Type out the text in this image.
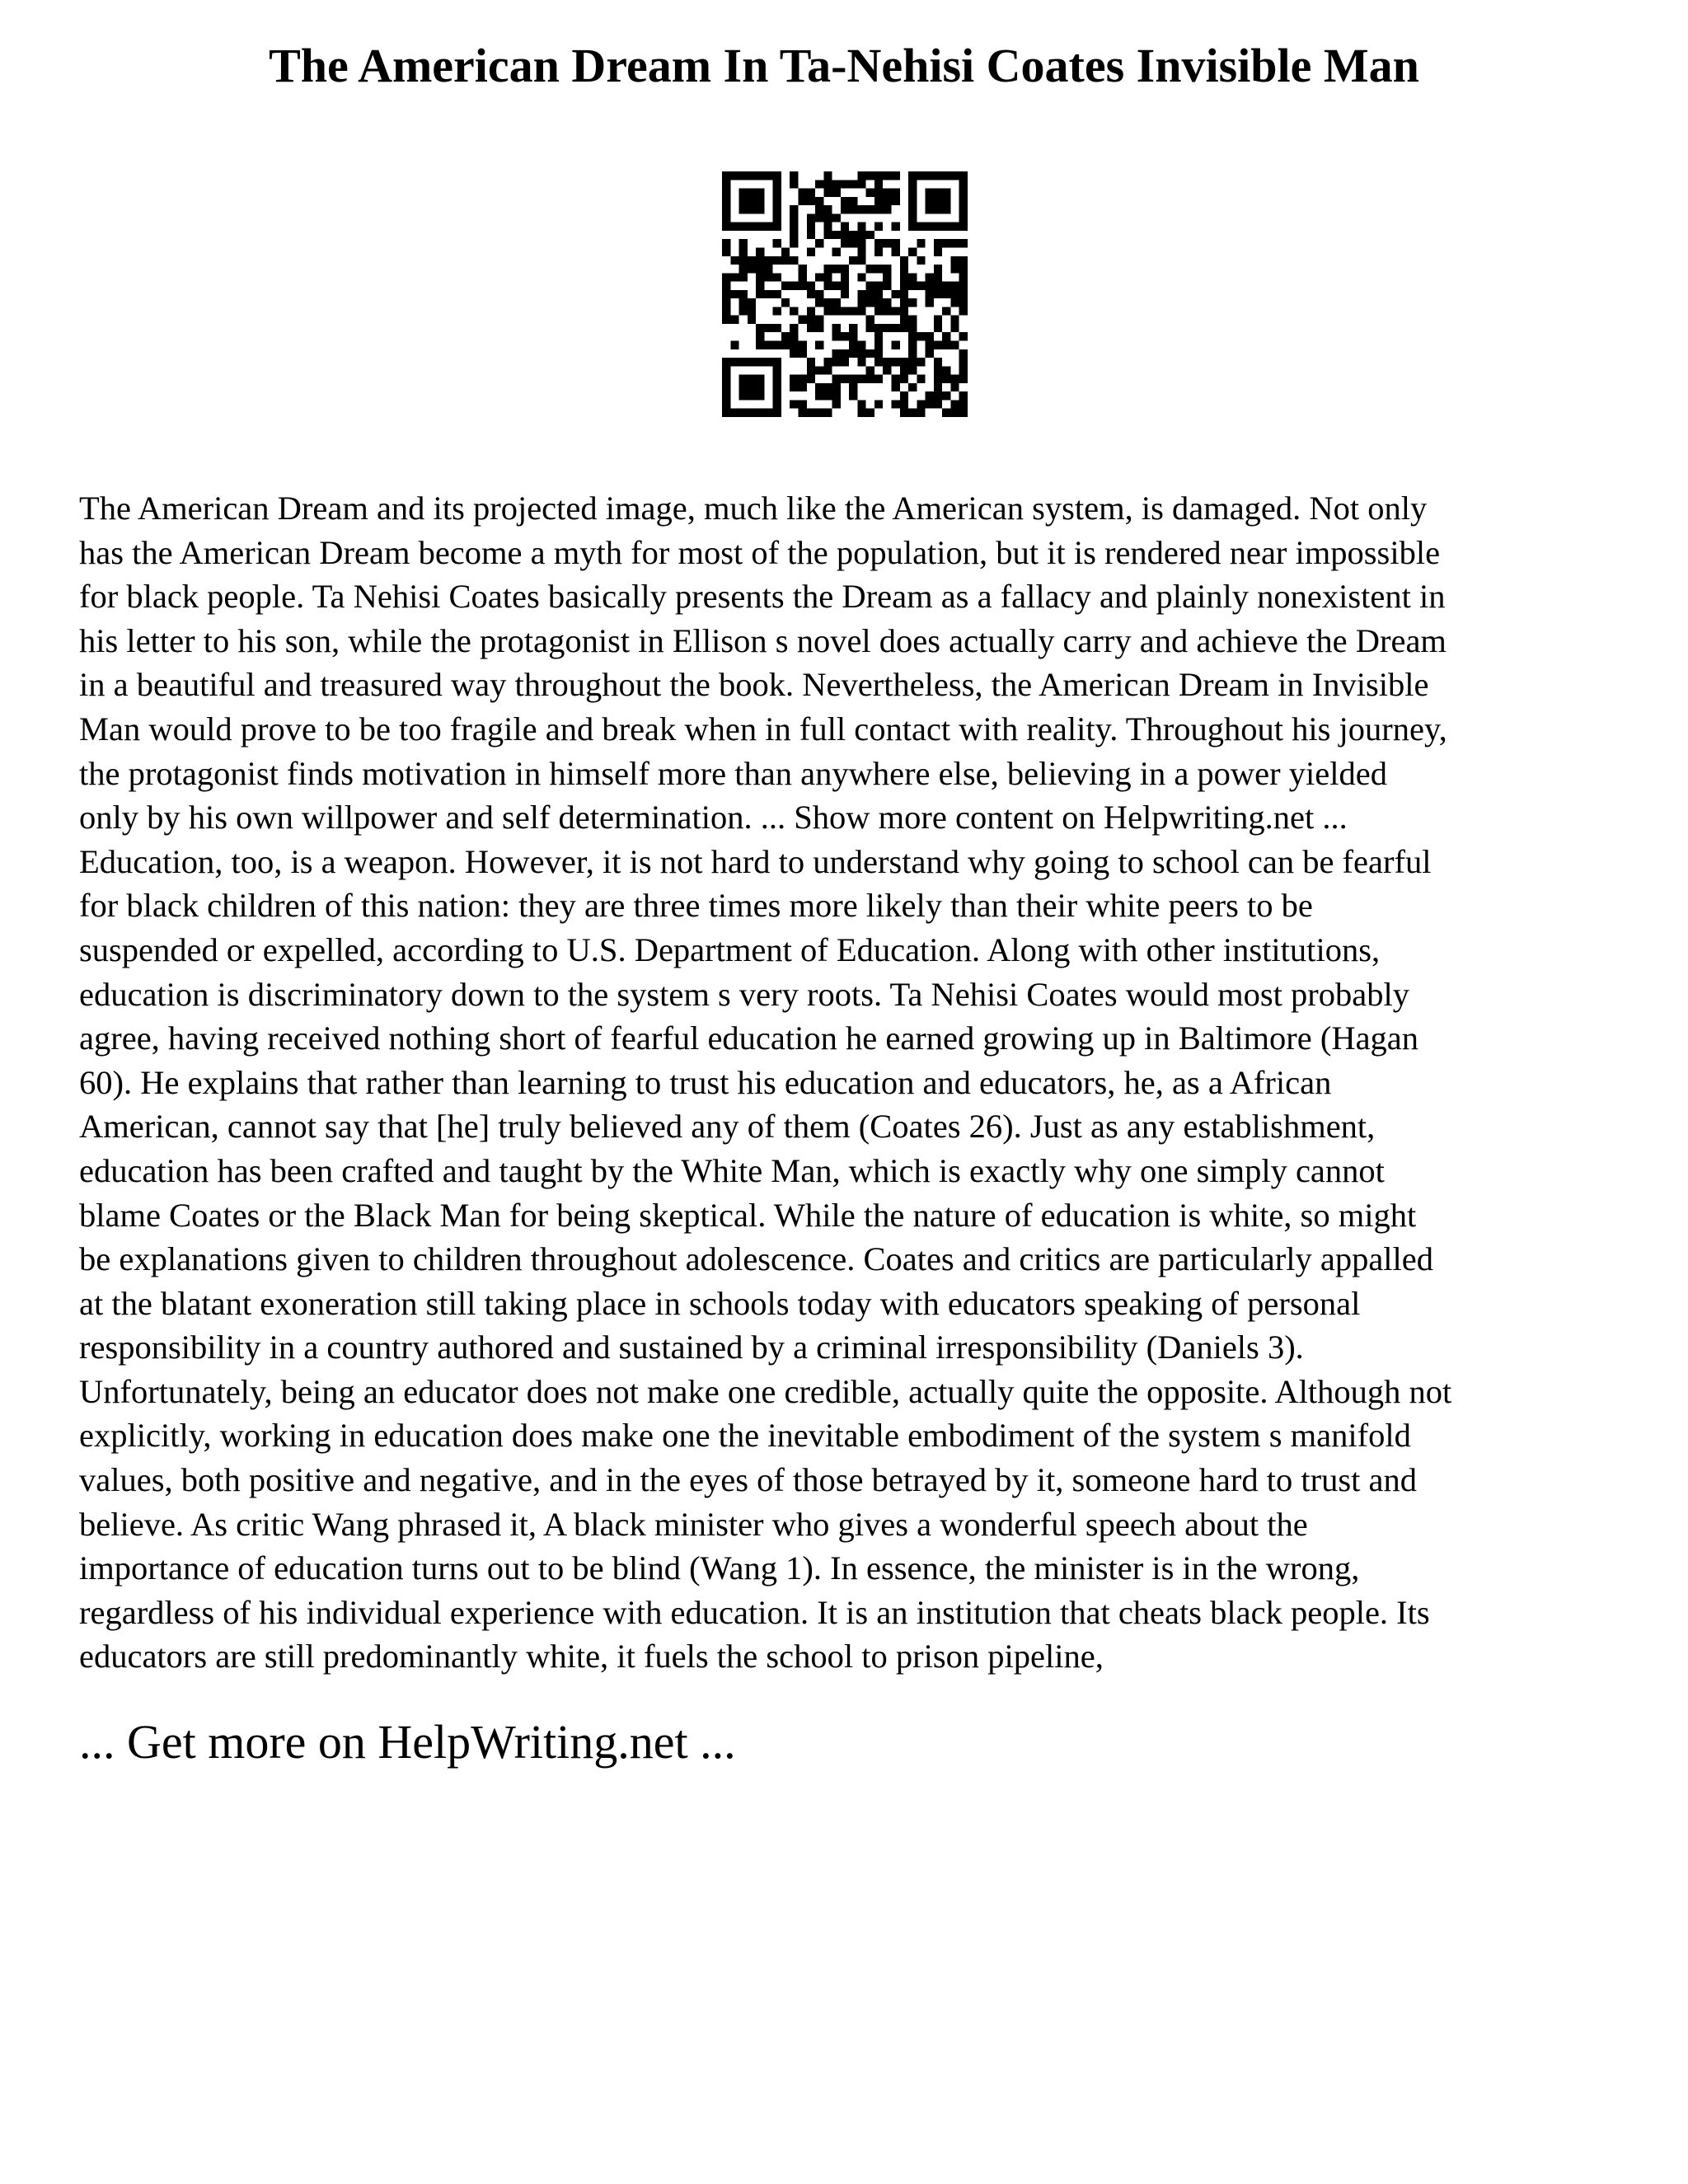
The American Dream In Ta-Nehisi Coates Invisible Man
The American Dream and its projected image, much like the American system, is damaged. Not only
has the American Dream become a myth for most of the population, but it is rendered near impossible
for black people. Ta Nehisi Coates basically presents the Dream as a fallacy and plainly nonexistent in
his letter to his son, while the protagonist in Ellison s novel does actually carry and achieve the Dream
in a beautiful and treasured way throughout the book. Nevertheless, the American Dream in Invisible
Man would prove to be too fragile and break when in full contact with reality. Throughout his journey,
the protagonist finds motivation in himself more than anywhere else, believing in a power yielded
only by his own willpower and self determination. ... Show more content on Helpwriting.net ...
Education, too, is a weapon. However, it is not hard to understand why going to school can be fearful
for black children of this nation: they are three times more likely than their white peers to be
suspended or expelled, according to U.S. Department of Education. Along with other institutions,
education is discriminatory down to the system s very roots. Ta Nehisi Coates would most probably
agree, having received nothing short of fearful education he earned growing up in Baltimore (Hagan
60). He explains that rather than learning to trust his education and educators, he, as a African
American, cannot say that [he] truly believed any of them (Coates 26). Just as any establishment,
education has been crafted and taught by the White Man, which is exactly why one simply cannot
blame Coates or the Black Man for being skeptical. While the nature of education is white, so might
be explanations given to children throughout adolescence. Coates and critics are particularly appalled
at the blatant exoneration still taking place in schools today with educators speaking of personal
responsibility in a country authored and sustained by a criminal irresponsibility (Daniels 3).
Unfortunately, being an educator does not make one credible, actually quite the opposite. Although not
explicitly, working in education does make one the inevitable embodiment of the system s manifold
values, both positive and negative, and in the eyes of those betrayed by it, someone hard to trust and
believe. As critic Wang phrased it, A black minister who gives a wonderful speech about the
importance of education turns out to be blind (Wang 1). In essence, the minister is in the wrong,
regardless of his individual experience with education. It is an institution that cheats black people. Its
educators are still predominantly white, it fuels the school to prison pipeline,

... Get more on HelpWriting.net ...
